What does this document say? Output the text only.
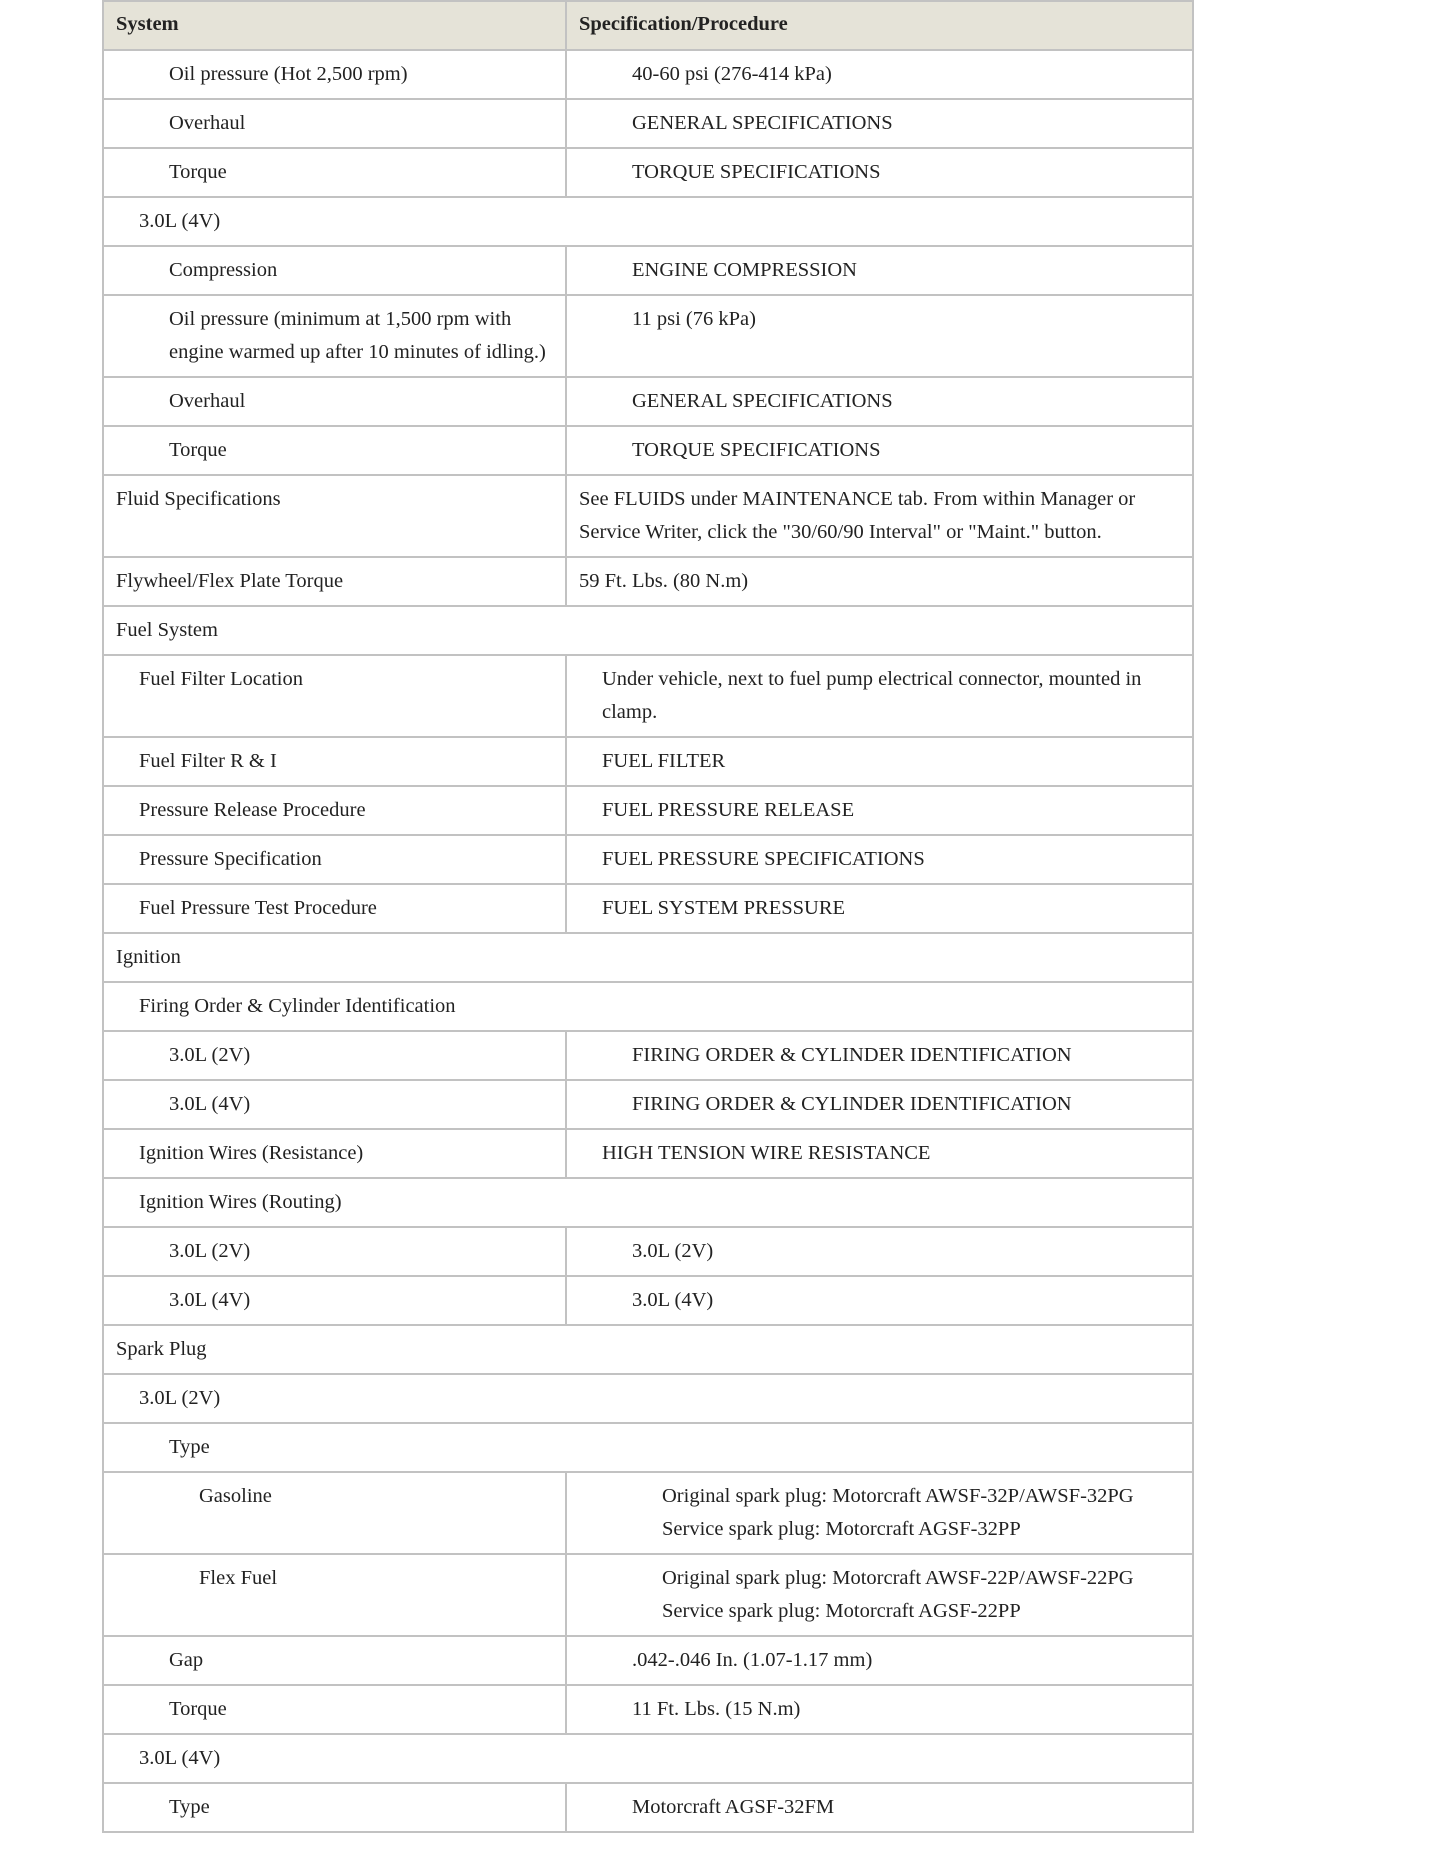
System	Specification/Procedure
Oil pressure (Hot 2,500 rpm)	40-60 psi (276-414 kPa)
Overhaul	GENERAL SPECIFICATIONS
Torque	TORQUE SPECIFICATIONS
3.0L (4V)	
Compression	ENGINE COMPRESSION
Oil pressure (minimum at 1,500 rpm with engine warmed up after 10 minutes of idling.)	11 psi (76 kPa)
Overhaul	GENERAL SPECIFICATIONS
Torque	TORQUE SPECIFICATIONS
Fluid Specifications	See FLUIDS under MAINTENANCE tab. From within Manager or Service Writer, click the "30/60/90 Interval" or "Maint." button.
Flywheel/Flex Plate Torque	59 Ft. Lbs. (80 N.m)
Fuel System	
Fuel Filter Location	Under vehicle, next to fuel pump electrical connector, mounted in clamp.
Fuel Filter R & I	FUEL FILTER
Pressure Release Procedure	FUEL PRESSURE RELEASE
Pressure Specification	FUEL PRESSURE SPECIFICATIONS
Fuel Pressure Test Procedure	FUEL SYSTEM PRESSURE
Ignition	
Firing Order & Cylinder Identification	
3.0L (2V)	FIRING ORDER & CYLINDER IDENTIFICATION
3.0L (4V)	FIRING ORDER & CYLINDER IDENTIFICATION
Ignition Wires (Resistance)	HIGH TENSION WIRE RESISTANCE
Ignition Wires (Routing)	
3.0L (2V)	3.0L (2V)
3.0L (4V)	3.0L (4V)
Spark Plug	
3.0L (2V)	
Type	
Gasoline	Original spark plug: Motorcraft AWSF-32P/AWSF-32PG Service spark plug: Motorcraft AGSF-32PP
Flex Fuel	Original spark plug: Motorcraft AWSF-22P/AWSF-22PG Service spark plug: Motorcraft AGSF-22PP
Gap	.042-.046 In. (1.07-1.17 mm)
Torque	11 Ft. Lbs. (15 N.m)
3.0L (4V)	
Type	Motorcraft AGSF-32FM
